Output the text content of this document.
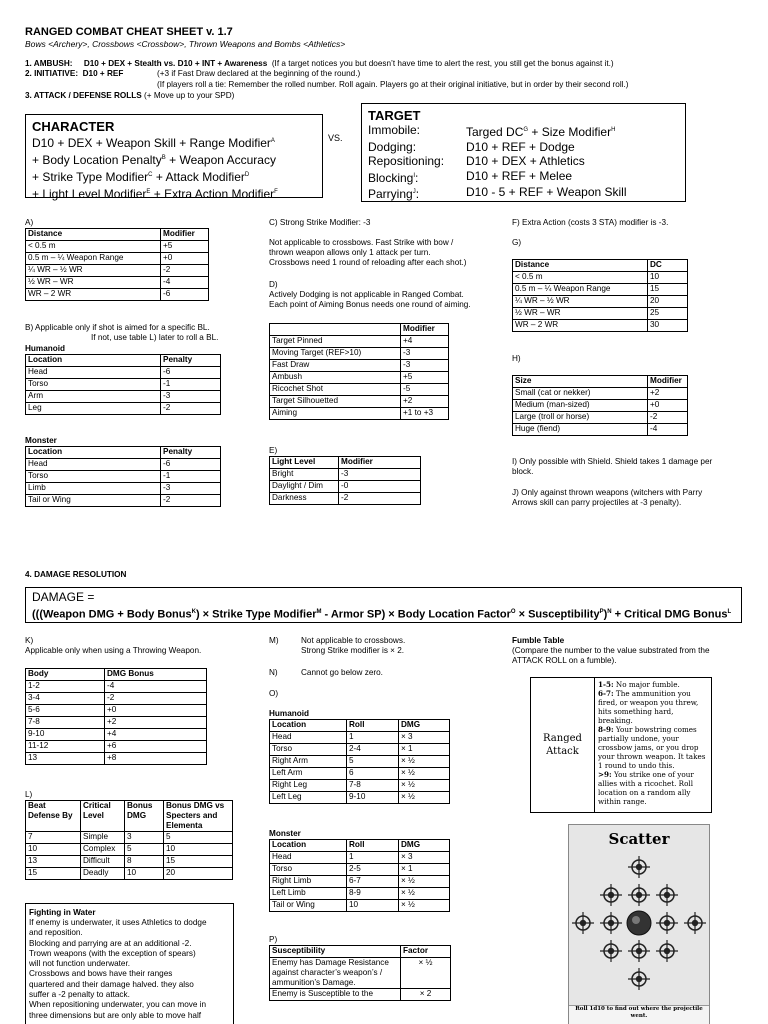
RANGED COMBAT CHEAT SHEET v. 1.7
Bows <Archery>, Crossbows <Crossbow>, Thrown Weapons and Bombs <Athletics>
1. AMBUSH: D10 + DEX + Stealth vs. D10 + INT + Awareness (If a target notices you but doesn’t have time to alert the rest, you still get the bonus against it.)
2. INITIATIVE: D10 + REF	(+3 if Fast Draw declared at the beginning of the round.)
(If players roll a tie: Remember the rolled number. Roll again. Players go at their original initiative, but in order by their second roll.)
3. ATTACK / DEFENSE ROLLS (+ Move up to your SPD)
CHARACTER
D10 + DEX + Weapon Skill + Range Modifier$^A$
+ Body Location Penalty$^B$ + Weapon Accuracy
+ Strike Type Modifier$^C$ + Attack Modifier$^D$
+ Light Level Modifier$^E$ + Extra Action Modifier$^F$
VS.
TARGET
Immobile:	Targed $DC^G$ + Size Modifier$^H$
Dodging:	D10 + REF + Dodge
Repositioning:	D10 + DEX + Athletics
Blocking$^I$:	D10 + REF + Melee
Parrying$^J$:	D10 - 5 + REF + Weapon Skill
A)
Distance	Modifier
< 0.5 m	+5
0.5 m – ¼ Weapon Range	+0
¼ WR – ½ WR	-2
½ WR – WR	-4
WR – 2 WR	-6
B) Applicable only if shot is aimed for a specific BL.
If not, use table L) later to roll a BL.
Humanoid
Location	Penalty
Head	-6
Torso	-1
Arm	-3
Leg	-2
Monster
Location	Penalty
Head	-6
Torso	-1
Limb	-3
Tail or Wing	-2
C) Strong Strike Modifier: -3
Not applicable to crossbows. Fast Strike with bow /
thrown weapon allows only 1 attack per turn.
Crossbows need 1 round of reloading after each shot.)
D)
Actively Dodging is not applicable in Ranged Combat.
Each point of Aiming Bonus needs one round of aiming.
	Modifier
Target Pinned	+4
Moving Target (REF>10)	-3
Fast Draw	-3
Ambush	+5
Ricochet Shot	-5
Target Silhouetted	+2
Aiming	+1 to +3
E)
Light Level	Modifier
Bright	-3
Daylight / Dim	-0
Darkness	-2
F) Extra Action (costs 3 STA) modifier is -3.
G)
Distance	DC
< 0.5 m	10
0.5 m – ¼ Weapon Range	15
¼ WR – ½ WR	20
½ WR – WR	25
WR – 2 WR	30
H)
Size	Modifier
Small (cat or nekker)	+2
Medium (man-sized)	+0
Large (troll or horse)	-2
Huge (fiend)	-4
I) Only possible with Shield. Shield takes 1 damage per
block.
J) Only against thrown weapons (witchers with Parry
Arrows skill can parry projectiles at -3 penalty).
4. DAMAGE RESOLUTION
DAMAGE =
(((Weapon DMG + Body Bonus$^K$) × Strike Type Modifier$^M$ - Armor SP) × Body Location Factor$^O$ × Susceptibility$^P$)$^N$ + Critical DMG Bonus$^L$
K)
Applicable only when using a Throwing Weapon.
Body	DMG Bonus
1-2	-4
3-4	-2
5-6	+0
7-8	+2
9-10	+4
11-12	+6
13	+8
L)
Beat Defense By	Critical Level	Bonus DMG	Bonus DMG vs Specters and Elementa
7	Simple	3	5
10	Complex	5	10
13	Difficult	8	15
15	Deadly	10	20
Fighting in Water
If enemy is underwater, it uses Athletics to dodge
and reposition.
Blocking and parrying are at an additional -2.
Trown weapons (with the exception of spears)
will not function underwater.
Crossbows and bows have their ranges
quartered and their damage halved. they also
suffer a -2 penalty to attack.
When repositioning underwater, you can move in
three dimensions but are only able to move half
M)	Not applicable to crossbows.
Strong Strike modifier is × 2.
N)	Cannot go below zero.
O)
Humanoid
Location	Roll	DMG
Head	1	× 3
Torso	2-4	× 1
Right Arm	5	× ½
Left Arm	6	× ½
Right Leg	7-8	× ½
Left Leg	9-10	× ½
Monster
Location	Roll	DMG
Head	1	× 3
Torso	2-5	× 1
Right Limb	6-7	× ½
Left Limb	8-9	× ½
Tail or Wing	10	× ½
P)
Susceptibility	Factor
Enemy has Damage Resistance against character’s weapon’s / ammunition’s Damage.	× ½
Enemy is Susceptible to the	× 2
Fumble Table
(Compare the number to the value substrated from the
ATTACK ROLL on a fumble).
Ranged
Attack
1-5: No major fumble.
6-7: The ammunition you fired, or weapon you threw, hits something hard, breaking.
8-9: Your bowstring comes partially undone, your crossbow jams, or you drop your thrown weapon. It takes 1 round to undo this.
>9: You strike one of your allies with a ricochet. Roll location on a random ally within range.
Scatter
Roll 1d10 to find out where the projectile
went.
